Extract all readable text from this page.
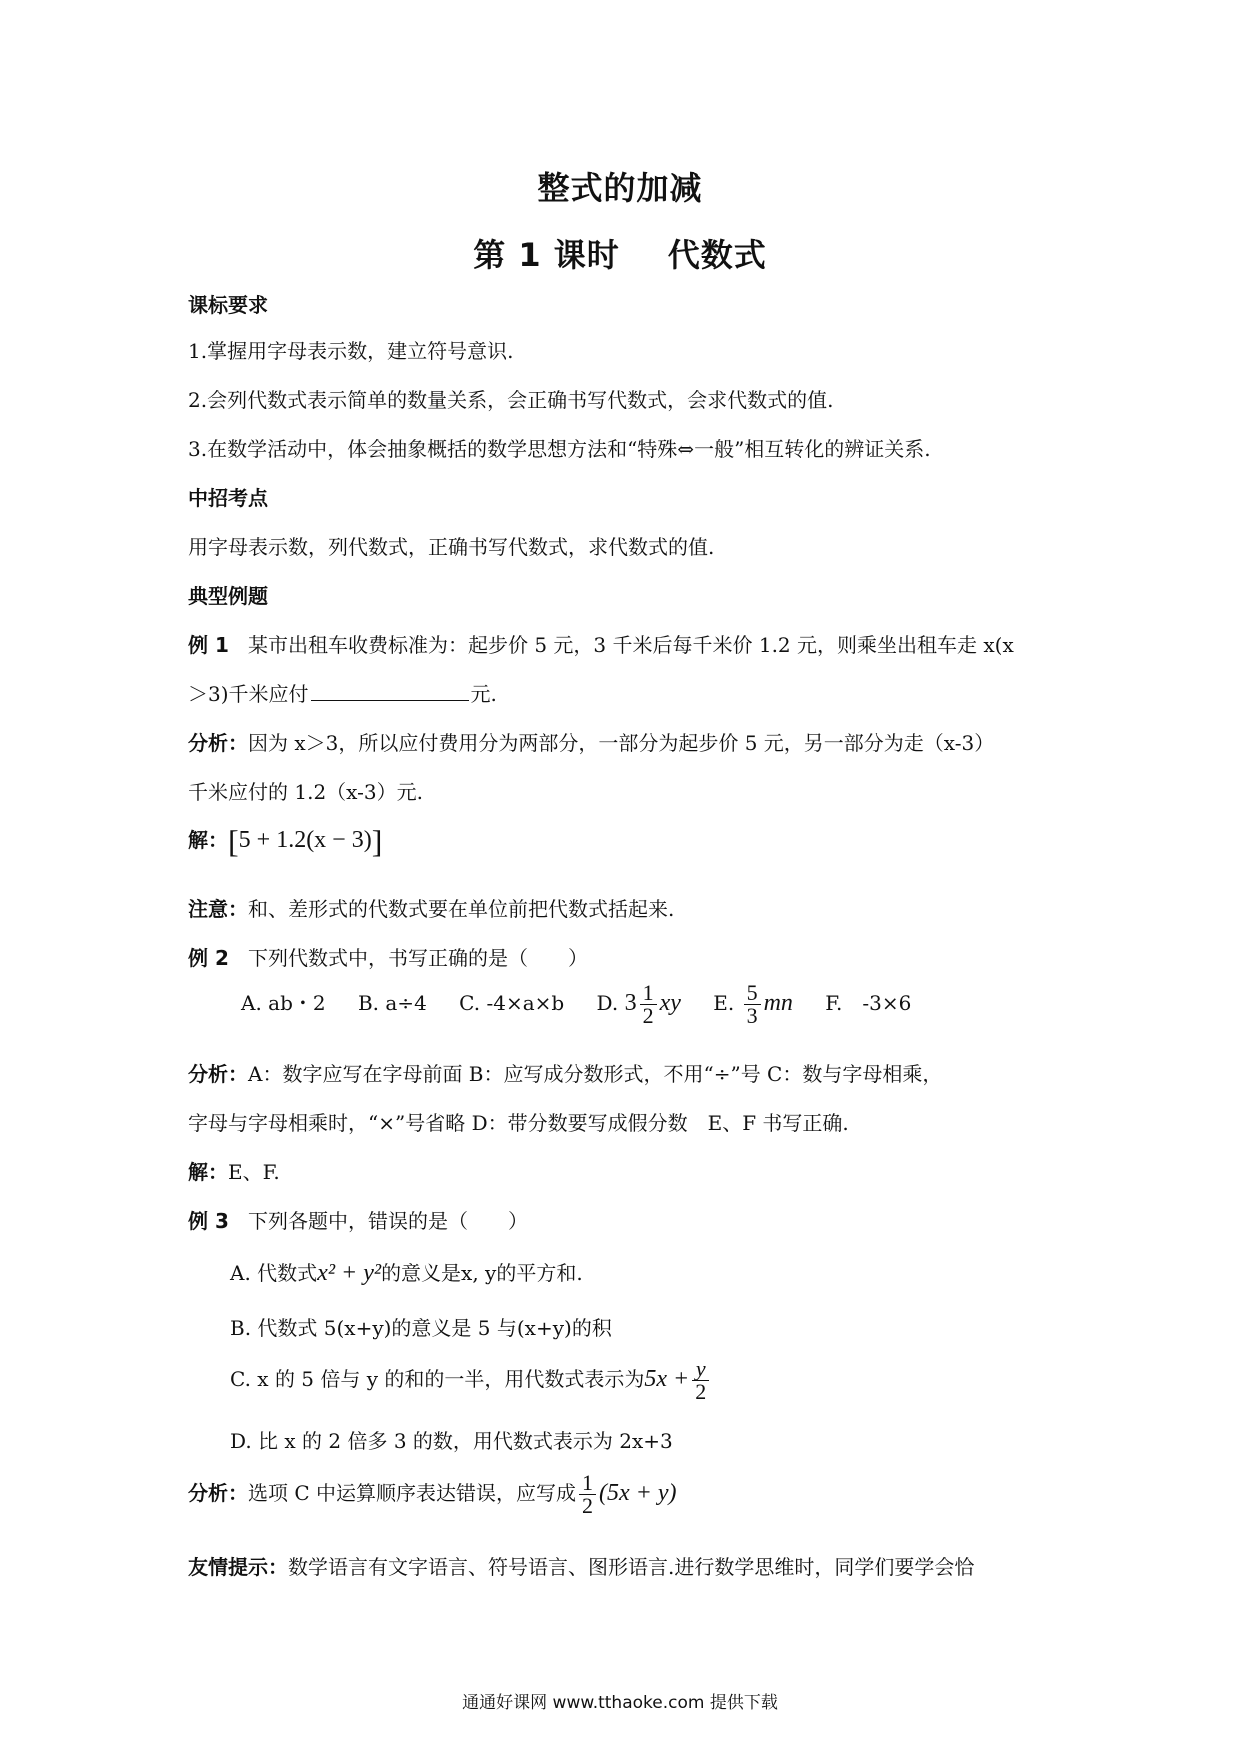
整式的加减
第 1 课时 代数式
课标要求
1.掌握用字母表示数，建立符号意识.
2.会列代数式表示简单的数量关系，会正确书写代数式，会求代数式的值.
3.在数学活动中，体会抽象概括的数学思想方法和“特殊⇔一般”相互转化的辨证关系.
中招考点
用字母表示数，列代数式，正确书写代数式，求代数式的值.
典型例题
例 1 某市出租车收费标准为：起步价 5 元，3 千米后每千米价 1.2 元，则乘坐出租车走 x(x
＞3)千米应付	元.
分析：因为 x＞3，所以应付费用分为两部分，一部分为起步价 5 元，另一部分为走（x-3）
千米应付的 1.2（x-3）元.
解：[5 + 1.2(x − 3)]
注意：和、差形式的代数式要在单位前把代数式括起来.
例 2 下列代数式中，书写正确的是（　　）
A. ab・2 B. a÷4 C. -4×a×b D. $3 \frac{1}{2}$ xy E. $\frac{5}{3}$ mn F.　-3×6
分析：A：数字应写在字母前面 B：应写成分数形式，不用“÷”号 C：数与字母相乘，
字母与字母相乘时，“×”号省略 D：带分数要写成假分数　E、F 书写正确.
解：E、F.
例 3 下列各题中，错误的是（　　）
A. 代数式x² + y²的意义是x, y的平方和.
B. 代数式 5(x+y)的意义是 5 与(x+y)的积
C. x 的 5 倍与 y 的和的一半，用代数式表示为$5x + \frac{y}{2}$
D. 比 x 的 2 倍多 3 的数，用代数式表示为 2x+3
分析：选项 C 中运算顺序表达错误，应写成 $\frac{1}{2} (5x + y)$
友情提示：数学语言有文字语言、符号语言、图形语言.进行数学思维时，同学们要学会恰
通通好课网 www.tthaoke.com 提供下载
